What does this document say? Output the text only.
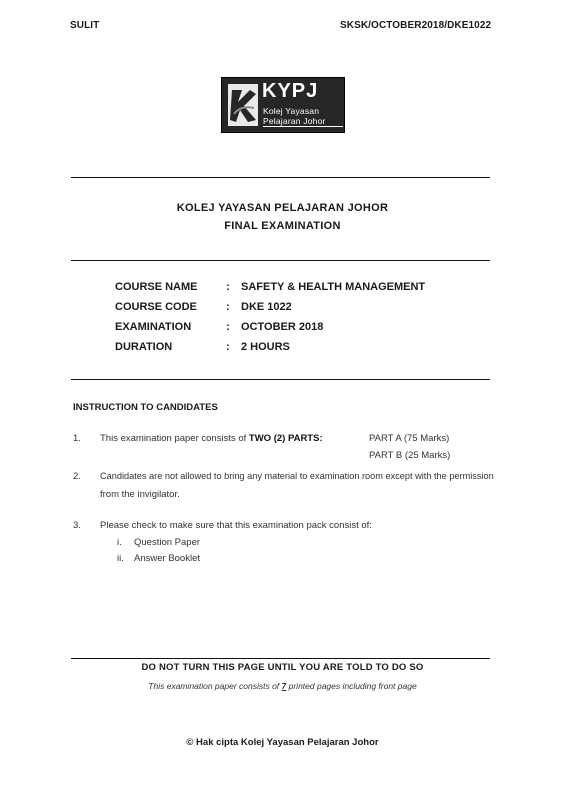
SULIT	SKSK/OCTOBER2018/DKE1022
KYPJ
Kolej Yayasan
Pelajaran Johor
KOLEJ YAYASAN PELAJARAN JOHOR
FINAL EXAMINATION
COURSE NAME	: SAFETY & HEALTH MANAGEMENT
COURSE CODE	: DKE 1022
EXAMINATION	: OCTOBER 2018
DURATION	: 2 HOURS
INSTRUCTION TO CANDIDATES
1. This examination paper consists of TWO (2) PARTS:	PART A (75 Marks)
PART B (25 Marks)
2. Candidates are not allowed to bring any material to examination room except with the permission
from the invigilator.
3. Please check to make sure that this examination pack consist of:
i. Question Paper
ii. Answer Booklet
DO NOT TURN THIS PAGE UNTIL YOU ARE TOLD TO DO SO
This examination paper consists of 7 printed pages including front page
© Hak cipta Kolej Yayasan Pelajaran Johor
